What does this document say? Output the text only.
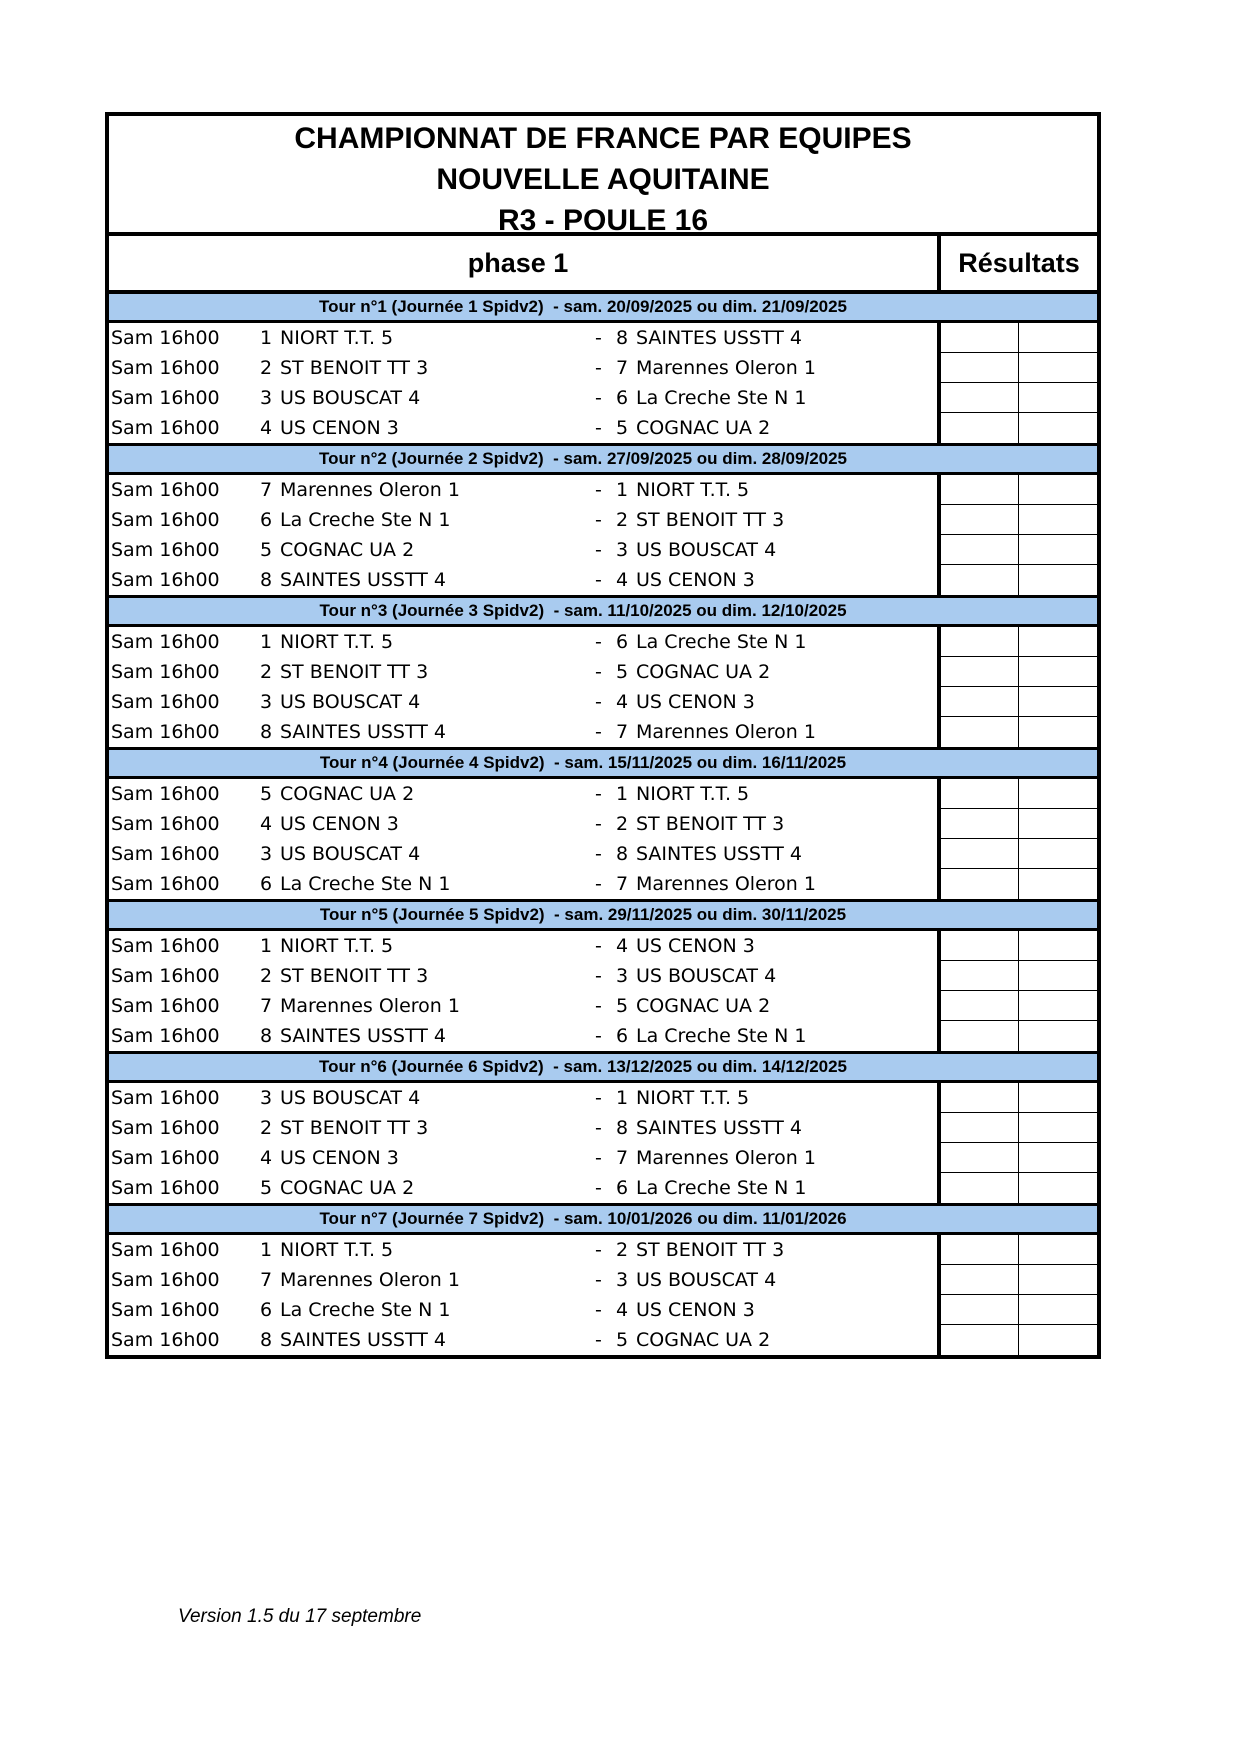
CHAMPIONNAT DE FRANCE PAR EQUIPES
NOUVELLE AQUITAINE
R3 - POULE 16
phase 1	Résultats
Tour n°1 (Journée 1 Spidv2)  - sam. 20/09/2025 ou dim. 21/09/2025
Sam 16h00 1 NIORT T.T. 5	- 8 SAINTES USSTT 4
Sam 16h00 2 ST BENOIT TT 3	- 7 Marennes Oleron 1
Sam 16h00 3 US BOUSCAT 4	- 6 La Creche Ste N 1
Sam 16h00 4 US CENON 3	- 5 COGNAC UA 2
Tour n°2 (Journée 2 Spidv2)  - sam. 27/09/2025 ou dim. 28/09/2025
Sam 16h00 7 Marennes Oleron 1	- 1 NIORT T.T. 5
Sam 16h00 6 La Creche Ste N 1	- 2 ST BENOIT TT 3
Sam 16h00 5 COGNAC UA 2	- 3 US BOUSCAT 4
Sam 16h00 8 SAINTES USSTT 4	- 4 US CENON 3
Tour n°3 (Journée 3 Spidv2)  - sam. 11/10/2025 ou dim. 12/10/2025
Sam 16h00 1 NIORT T.T. 5	- 6 La Creche Ste N 1
Sam 16h00 2 ST BENOIT TT 3	- 5 COGNAC UA 2
Sam 16h00 3 US BOUSCAT 4	- 4 US CENON 3
Sam 16h00 8 SAINTES USSTT 4	- 7 Marennes Oleron 1
Tour n°4 (Journée 4 Spidv2)  - sam. 15/11/2025 ou dim. 16/11/2025
Sam 16h00 5 COGNAC UA 2	- 1 NIORT T.T. 5
Sam 16h00 4 US CENON 3	- 2 ST BENOIT TT 3
Sam 16h00 3 US BOUSCAT 4	- 8 SAINTES USSTT 4
Sam 16h00 6 La Creche Ste N 1	- 7 Marennes Oleron 1
Tour n°5 (Journée 5 Spidv2)  - sam. 29/11/2025 ou dim. 30/11/2025
Sam 16h00 1 NIORT T.T. 5	- 4 US CENON 3
Sam 16h00 2 ST BENOIT TT 3	- 3 US BOUSCAT 4
Sam 16h00 7 Marennes Oleron 1	- 5 COGNAC UA 2
Sam 16h00 8 SAINTES USSTT 4	- 6 La Creche Ste N 1
Tour n°6 (Journée 6 Spidv2)  - sam. 13/12/2025 ou dim. 14/12/2025
Sam 16h00 3 US BOUSCAT 4	- 1 NIORT T.T. 5
Sam 16h00 2 ST BENOIT TT 3	- 8 SAINTES USSTT 4
Sam 16h00 4 US CENON 3	- 7 Marennes Oleron 1
Sam 16h00 5 COGNAC UA 2	- 6 La Creche Ste N 1
Tour n°7 (Journée 7 Spidv2)  - sam. 10/01/2026 ou dim. 11/01/2026
Sam 16h00 1 NIORT T.T. 5	- 2 ST BENOIT TT 3
Sam 16h00 7 Marennes Oleron 1	- 3 US BOUSCAT 4
Sam 16h00 6 La Creche Ste N 1	- 4 US CENON 3
Sam 16h00 8 SAINTES USSTT 4	- 5 COGNAC UA 2
Version 1.5 du 17 septembre
